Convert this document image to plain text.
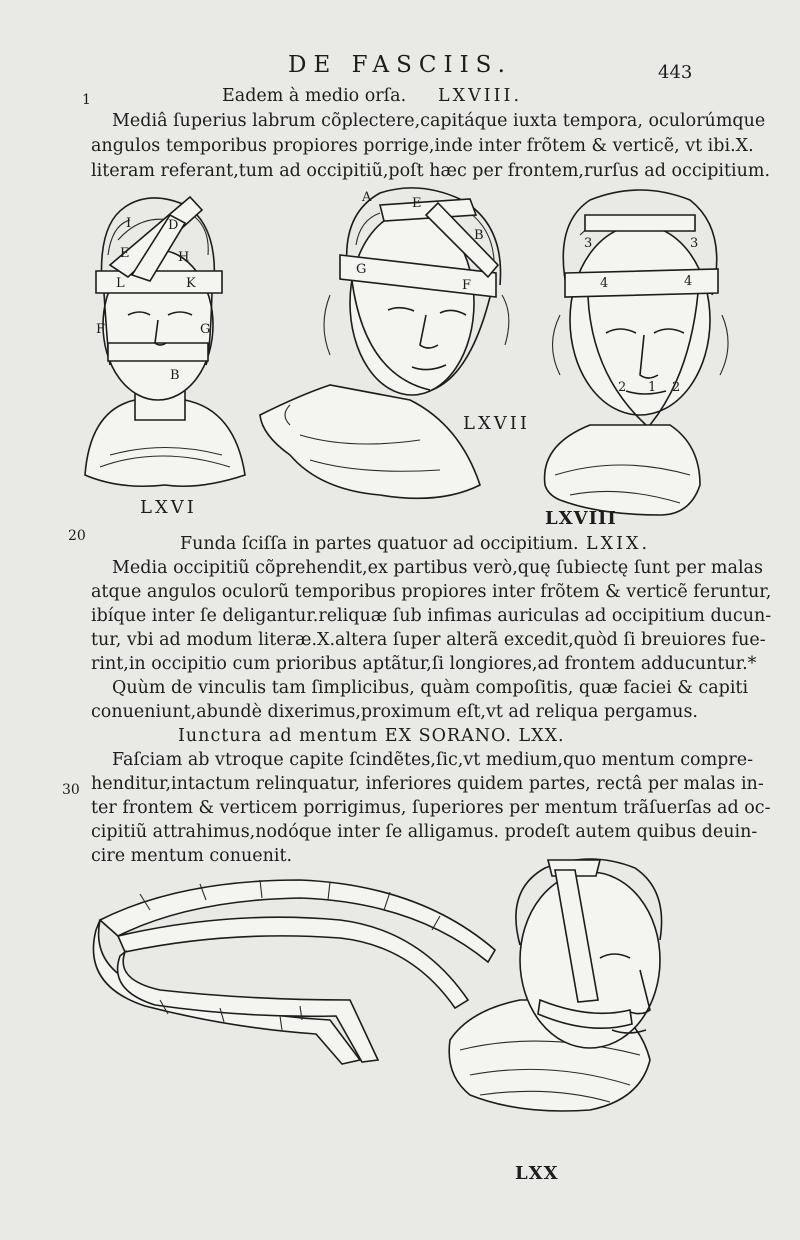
DE FASCIIS.	443
1
20
30
Eadem à medio orſa. LXVIII.
Mediâ ſuperius labrum cõplectere,capitáque iuxta tempora, oculorúmque
angulos temporibus propiores porrige,inde inter frõtem & verticẽ, vt ibi.X.
literam referant,tum ad occipitiũ,poſt hæc per frontem,rurſus ad occipitium.
I	D
E	H
L	K
F	G
B
A	E
B
G
F
3	3
4	4
1
2	2
LXVI
LXVII
LXVIII
Funda ſciſſa in partes quatuor ad occipitium. LXIX.
Media occipitiũ cõprehendit,ex partibus verò,quę ſubiectę ſunt per malas
atque angulos oculorũ temporibus propiores inter frõtem & verticẽ feruntur,
ibíque inter ſe deligantur.reliquæ ſub infimas auriculas ad occipitium ducun-
tur, vbi ad modum literæ.X.altera ſuper alterã excedit,quòd ſi breuiores fue-
rint,in occipitio cum prioribus aptãtur,ſi longiores,ad frontem adducuntur.*
Quùm de vinculis tam ſimplicibus, quàm compoſitis, quæ faciei & capiti
conueniunt,abundè dixerimus,proximum eſt,vt ad reliqua pergamus.
Iunctura ad mentum EX SORANO. LXX.
Faſciam ab vtroque capite ſcindẽtes,ſic,vt medium,quo mentum compre-
henditur,intactum relinquatur, inferiores quidem partes, rectâ per malas in-
ter frontem & verticem porrigimus, ſuperiores per mentum trãſuerſas ad oc-
cipitiũ attrahimus,nodóque inter ſe alligamus. prodeſt autem quibus deuin-
cire mentum conuenit.
LXX
